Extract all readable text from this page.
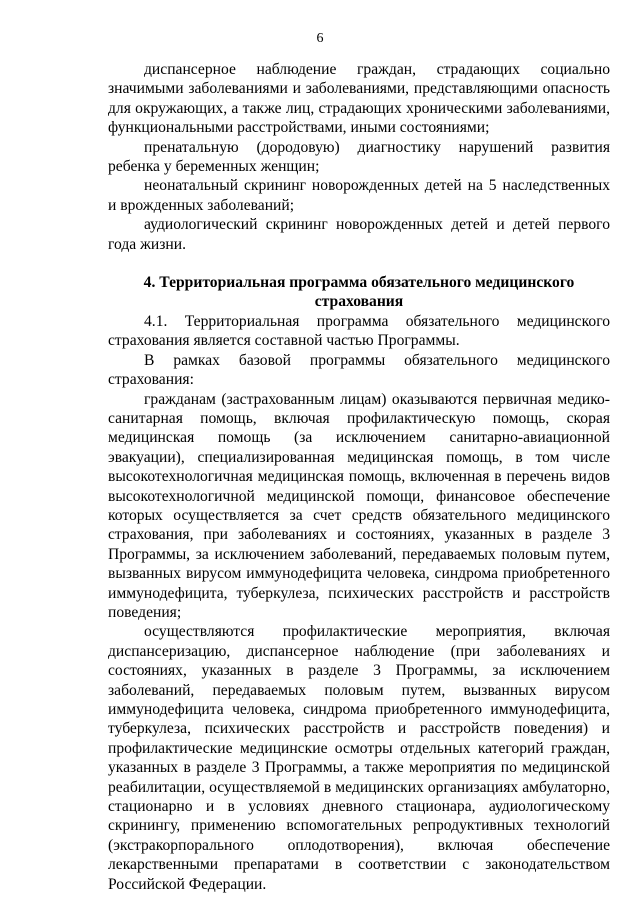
6

диспансерное наблюдение граждан, страдающих социально значимыми заболеваниями и заболеваниями, представляющими опасность для окружающих, а также лиц, страдающих хроническими заболеваниями, функциональными расстройствами, иными состояниями;

пренатальную (дородовую) диагностику нарушений развития ребенка у беременных женщин;

неонатальный скрининг новорожденных детей на 5 наследственных и врожденных заболеваний;

аудиологический скрининг новорожденных детей и детей первого года жизни.

4. Территориальная программа обязательного медицинского страхования

4.1. Территориальная программа обязательного медицинского страхования является составной частью Программы.

В рамках базовой программы обязательного медицинского страхования:

гражданам (застрахованным лицам) оказываются первичная медико-санитарная помощь, включая профилактическую помощь, скорая медицинская помощь (за исключением санитарно-авиационной эвакуации), специализированная медицинская помощь, в том числе высокотехнологичная медицинская помощь, включенная в перечень видов высокотехнологичной медицинской помощи, финансовое обеспечение которых осуществляется за счет средств обязательного медицинского страхования, при заболеваниях и состояниях, указанных в разделе 3 Программы, за исключением заболеваний, передаваемых половым путем, вызванных вирусом иммунодефицита человека, синдрома приобретенного иммунодефицита, туберкулеза, психических расстройств и расстройств поведения;

осуществляются профилактические мероприятия, включая диспансеризацию, диспансерное наблюдение (при заболеваниях и состояниях, указанных в разделе 3 Программы, за исключением заболеваний, передаваемых половым путем, вызванных вирусом иммунодефицита человека, синдрома приобретенного иммунодефицита, туберкулеза, психических расстройств и расстройств поведения) и профилактические медицинские осмотры отдельных категорий граждан, указанных в разделе 3 Программы, а также мероприятия по медицинской реабилитации, осуществляемой в медицинских организациях амбулаторно, стационарно и в условиях дневного стационара, аудиологическому скринингу, применению вспомогательных репродуктивных технологий (экстракорпорального оплодотворения), включая обеспечение лекарственными препаратами в соответствии с законодательством Российской Федерации.
